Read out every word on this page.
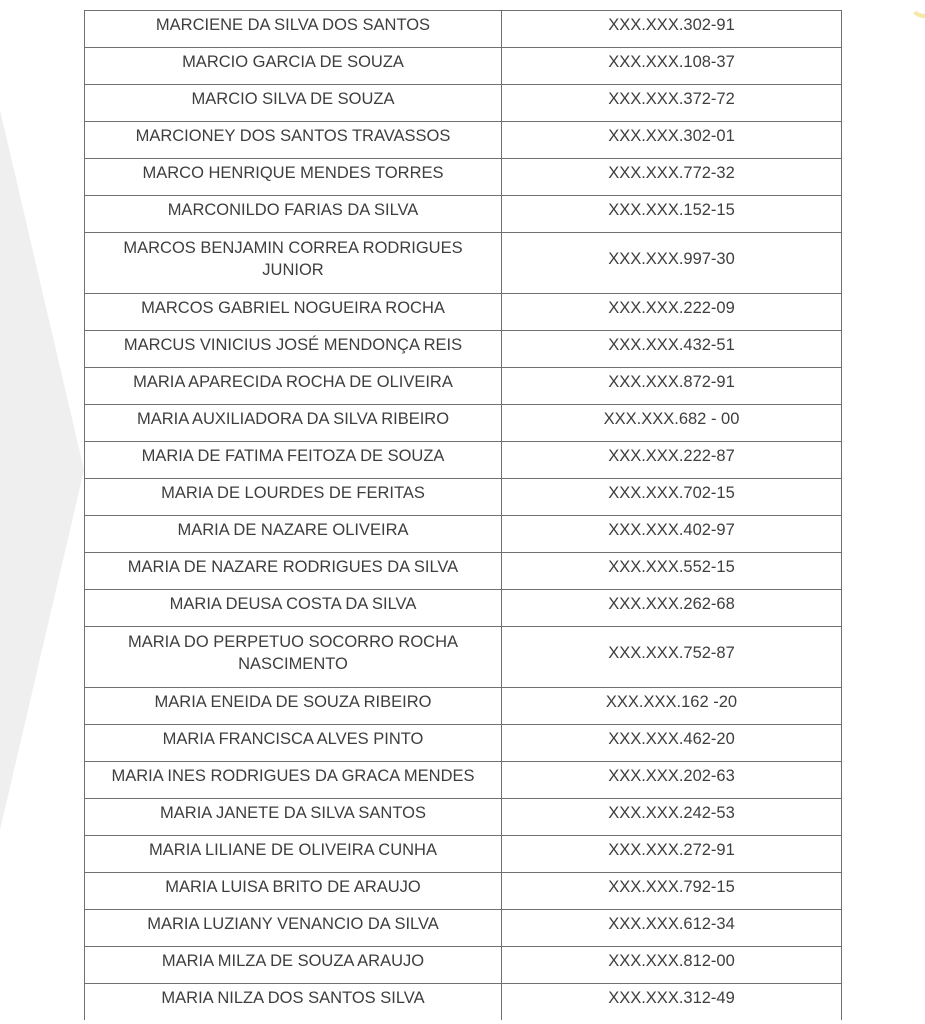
MARCIENE DA SILVA DOS SANTOS	XXX.XXX.302-91
MARCIO GARCIA DE SOUZA	XXX.XXX.108-37
MARCIO SILVA DE SOUZA	XXX.XXX.372-72
MARCIONEY DOS SANTOS TRAVASSOS	XXX.XXX.302-01
MARCO HENRIQUE MENDES TORRES	XXX.XXX.772-32
MARCONILDO FARIAS DA SILVA	XXX.XXX.152-15
MARCOS BENJAMIN CORREA RODRIGUES JUNIOR	XXX.XXX.997-30
MARCOS GABRIEL NOGUEIRA ROCHA	XXX.XXX.222-09
MARCUS VINICIUS JOSÉ MENDONÇA REIS	XXX.XXX.432-51
MARIA APARECIDA ROCHA DE OLIVEIRA	XXX.XXX.872-91
MARIA AUXILIADORA DA SILVA RIBEIRO	XXX.XXX.682 - 00
MARIA DE FATIMA FEITOZA DE SOUZA	XXX.XXX.222-87
MARIA DE LOURDES DE FERITAS	XXX.XXX.702-15
MARIA DE NAZARE OLIVEIRA	XXX.XXX.402-97
MARIA DE NAZARE RODRIGUES DA SILVA	XXX.XXX.552-15
MARIA DEUSA COSTA DA SILVA	XXX.XXX.262-68
MARIA DO PERPETUO SOCORRO ROCHA NASCIMENTO	XXX.XXX.752-87
MARIA ENEIDA DE SOUZA RIBEIRO	XXX.XXX.162 -20
MARIA FRANCISCA ALVES PINTO	XXX.XXX.462-20
MARIA INES RODRIGUES DA GRACA MENDES	XXX.XXX.202-63
MARIA JANETE DA SILVA SANTOS	XXX.XXX.242-53
MARIA LILIANE DE OLIVEIRA CUNHA	XXX.XXX.272-91
MARIA LUISA BRITO DE ARAUJO	XXX.XXX.792-15
MARIA LUZIANY VENANCIO DA SILVA	XXX.XXX.612-34
MARIA MILZA DE SOUZA ARAUJO	XXX.XXX.812-00
MARIA NILZA DOS SANTOS SILVA	XXX.XXX.312-49
